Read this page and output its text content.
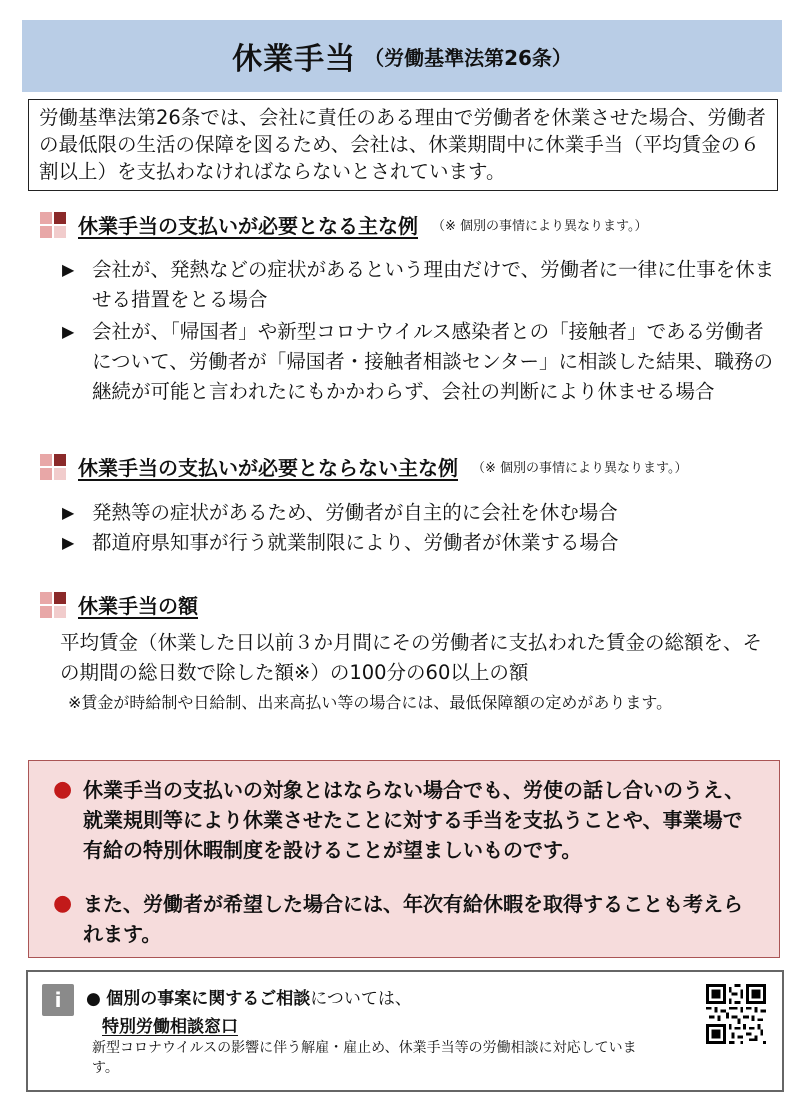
休業手当 （労働基準法第26条）
労働基準法第26条では、会社に責任のある理由で労働者を休業させた場合、労働者の最低限の生活の保障を図るため、会社は、休業期間中に休業手当（平均賃金の６割以上）を支払わなければならないとされています。
休業手当の支払いが必要となる主な例 （※ 個別の事情により異なります。）
▶ 会社が、発熱などの症状があるという理由だけで、労働者に一律に仕事を休ませる措置をとる場合
▶ 会社が、「帰国者」や新型コロナウイルス感染者との「接触者」である労働者について、労働者が「帰国者・接触者相談センター」に相談した結果、職務の継続が可能と言われたにもかかわらず、会社の判断により休ませる場合
休業手当の支払いが必要とならない主な例 （※ 個別の事情により異なります。）
▶ 発熱等の症状があるため、労働者が自主的に会社を休む場合
▶ 都道府県知事が行う就業制限により、労働者が休業する場合
休業手当の額
平均賃金（休業した日以前３か月間にその労働者に支払われた賃金の総額を、その期間の総日数で除した額※）の100分の60以上の額
※賃金が時給制や日給制、出来高払い等の場合には、最低保障額の定めがあります。
● 休業手当の支払いの対象とはならない場合でも、労使の話し合いのうえ、就業規則等により休業させたことに対する手当を支払うことや、事業場で有給の特別休暇制度を設けることが望ましいものです。
● また、労働者が希望した場合には、年次有給休暇を取得することも考えられます。
i	● 個別の事案に関するご相談については、
特別労働相談窓口
新型コロナウイルスの影響に伴う解雇・雇止め、休業手当等の労働相談に対応しています。
